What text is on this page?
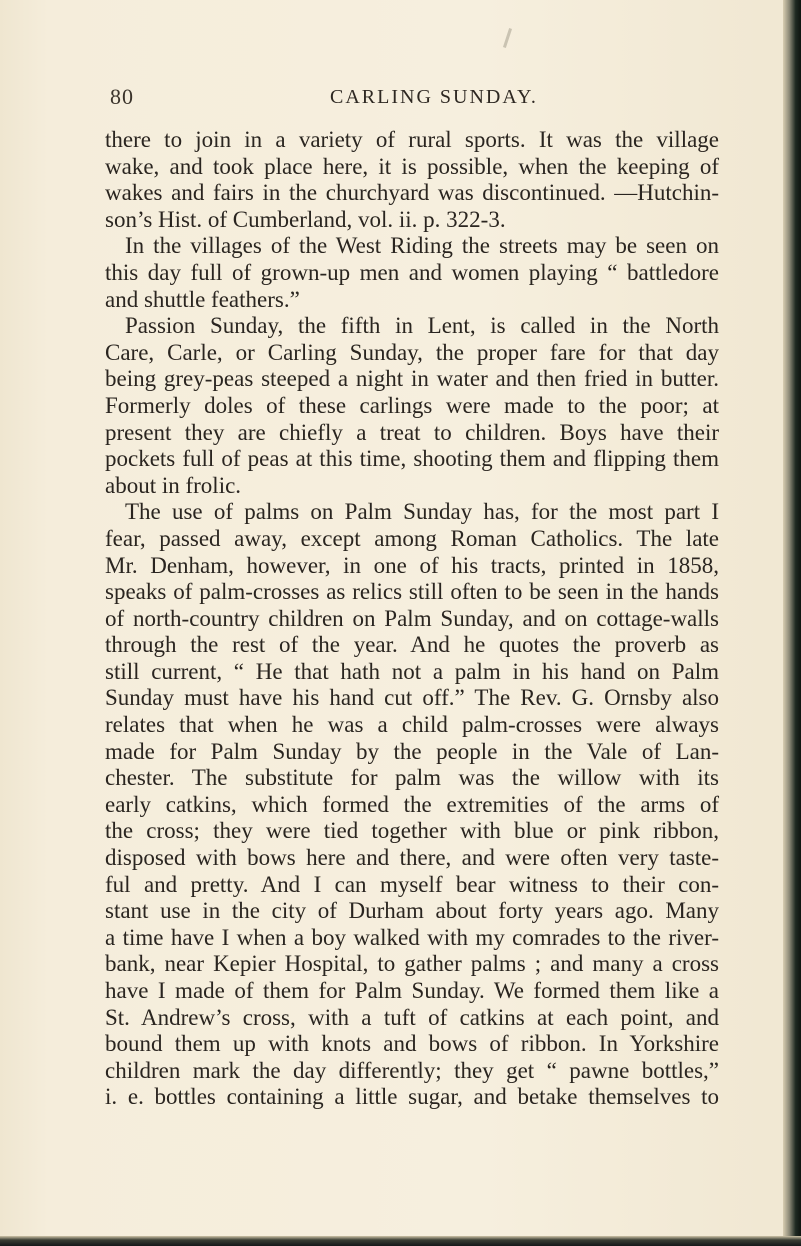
80	CARLING SUNDAY.
there to join in a variety of rural sports. It was the village
wake, and took place here, it is possible, when the keeping of
wakes and fairs in the churchyard was discontinued. —Hutchin-
son’s Hist. of Cumberland, vol. ii. p. 322-3.
In the villages of the West Riding the streets may be seen on
this day full of grown-up men and women playing “ battledore
and shuttle feathers.”
Passion Sunday, the fifth in Lent, is called in the North
Care, Carle, or Carling Sunday, the proper fare for that day
being grey-peas steeped a night in water and then fried in butter.
Formerly doles of these carlings were made to the poor; at
present they are chiefly a treat to children. Boys have their
pockets full of peas at this time, shooting them and flipping them
about in frolic.
The use of palms on Palm Sunday has, for the most part I
fear, passed away, except among Roman Catholics. The late
Mr. Denham, however, in one of his tracts, printed in 1858,
speaks of palm-crosses as relics still often to be seen in the hands
of north-country children on Palm Sunday, and on cottage-walls
through the rest of the year. And he quotes the proverb as
still current, “ He that hath not a palm in his hand on Palm
Sunday must have his hand cut off.” The Rev. G. Ornsby also
relates that when he was a child palm-crosses were always
made for Palm Sunday by the people in the Vale of Lan-
chester. The substitute for palm was the willow with its
early catkins, which formed the extremities of the arms of
the cross; they were tied together with blue or pink ribbon,
disposed with bows here and there, and were often very taste-
ful and pretty. And I can myself bear witness to their con-
stant use in the city of Durham about forty years ago. Many
a time have I when a boy walked with my comrades to the river-
bank, near Kepier Hospital, to gather palms ; and many a cross
have I made of them for Palm Sunday. We formed them like a
St. Andrew’s cross, with a tuft of catkins at each point, and
bound them up with knots and bows of ribbon. In Yorkshire
children mark the day differently; they get “ pawne bottles,”
i. e. bottles containing a little sugar, and betake themselves to
